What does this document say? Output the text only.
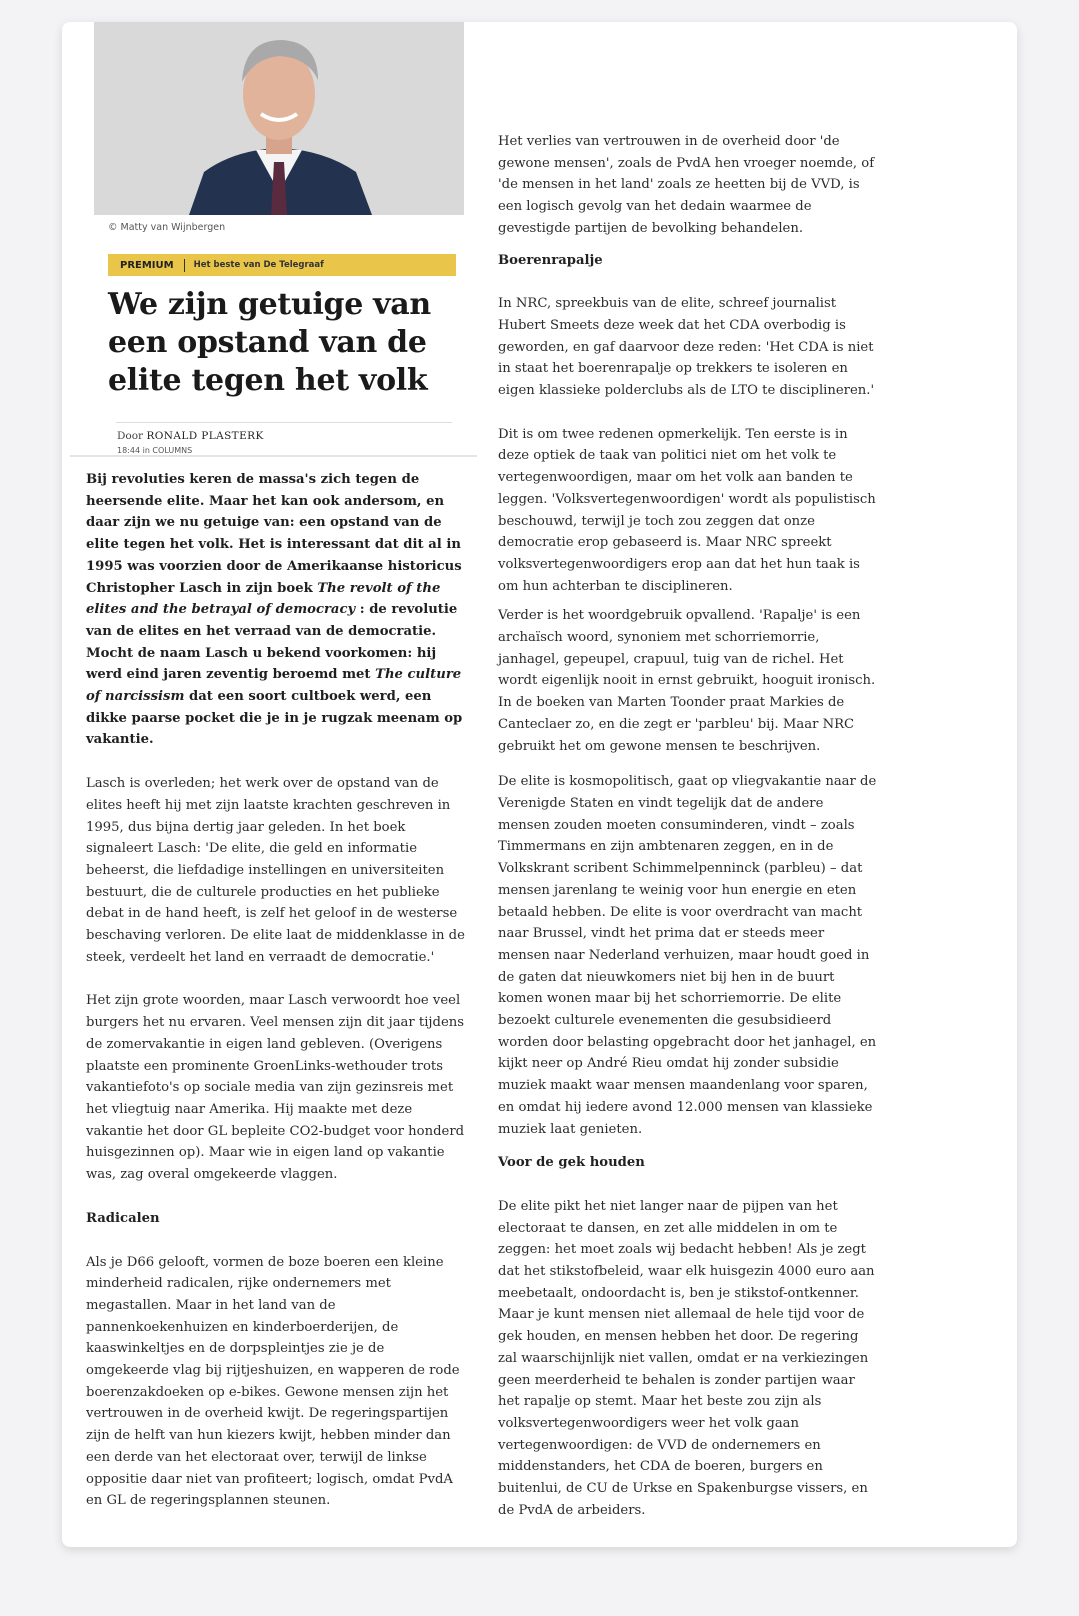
© Matty van Wijnbergen
PREMIUM	Het beste van De Telegraaf
We zijn getuige van een opstand van de elite tegen het volk
Door RONALD PLASTERK
18:44 in COLUMNS

Bij revoluties keren de massa's zich tegen de heersende elite. Maar het kan ook andersom, en daar zijn we nu getuige van: een opstand van de elite tegen het volk. Het is interessant dat dit al in 1995 was voorzien door de Amerikaanse historicus Christopher Lasch in zijn boek The revolt of the elites and the betrayal of democracy : de revolutie van de elites en het verraad van de democratie. Mocht de naam Lasch u bekend voorkomen: hij werd eind jaren zeventig beroemd met The culture of narcissism dat een soort cultboek werd, een dikke paarse pocket die je in je rugzak meenam op vakantie.

Lasch is overleden; het werk over de opstand van de elites heeft hij met zijn laatste krachten geschreven in 1995, dus bijna dertig jaar geleden. In het boek signaleert Lasch: 'De elite, die geld en informatie beheerst, die liefdadige instellingen en universiteiten bestuurt, die de culturele producties en het publieke debat in de hand heeft, is zelf het geloof in de westerse beschaving verloren. De elite laat de middenklasse in de steek, verdeelt het land en verraadt de democratie.'

Het zijn grote woorden, maar Lasch verwoordt hoe veel burgers het nu ervaren. Veel mensen zijn dit jaar tijdens de zomervakantie in eigen land gebleven. (Overigens plaatste een prominente GroenLinks-wethouder trots vakantiefoto's op sociale media van zijn gezinsreis met het vliegtuig naar Amerika. Hij maakte met deze vakantie het door GL bepleite CO2-budget voor honderd huisgezinnen op). Maar wie in eigen land op vakantie was, zag overal omgekeerde vlaggen.

Radicalen

Als je D66 gelooft, vormen de boze boeren een kleine minderheid radicalen, rijke ondernemers met megastallen. Maar in het land van de pannenkoekenhuizen en kinderboerderijen, de kaaswinkeltjes en de dorpspleintjes zie je de omgekeerde vlag bij rijtjeshuizen, en wapperen de rode boerenzakdoeken op e-bikes. Gewone mensen zijn het vertrouwen in de overheid kwijt. De regeringspartijen zijn de helft van hun kiezers kwijt, hebben minder dan een derde van het electoraat over, terwijl de linkse oppositie daar niet van profiteert; logisch, omdat PvdA en GL de regeringsplannen steunen.

Het verlies van vertrouwen in de overheid door 'de gewone mensen', zoals de PvdA hen vroeger noemde, of 'de mensen in het land' zoals ze heetten bij de VVD, is een logisch gevolg van het dedain waarmee de gevestigde partijen de bevolking behandelen.

Boerenrapalje

In NRC, spreekbuis van de elite, schreef journalist Hubert Smeets deze week dat het CDA overbodig is geworden, en gaf daarvoor deze reden: 'Het CDA is niet in staat het boerenrapalje op trekkers te isoleren en eigen klassieke polderclubs als de LTO te disciplineren.'

Dit is om twee redenen opmerkelijk. Ten eerste is in deze optiek de taak van politici niet om het volk te vertegenwoordigen, maar om het volk aan banden te leggen. 'Volksvertegenwoordigen' wordt als populistisch beschouwd, terwijl je toch zou zeggen dat onze democratie erop gebaseerd is. Maar NRC spreekt volksvertegenwoordigers erop aan dat het hun taak is om hun achterban te disciplineren.

Verder is het woordgebruik opvallend. 'Rapalje' is een archaïsch woord, synoniem met schorriemorrie, janhagel, gepeupel, crapuul, tuig van de richel. Het wordt eigenlijk nooit in ernst gebruikt, hooguit ironisch. In de boeken van Marten Toonder praat Markies de Canteclaer zo, en die zegt er 'parbleu' bij. Maar NRC gebruikt het om gewone mensen te beschrijven.

De elite is kosmopolitisch, gaat op vliegvakantie naar de Verenigde Staten en vindt tegelijk dat de andere mensen zouden moeten consuminderen, vindt – zoals Timmermans en zijn ambtenaren zeggen, en in de Volkskrant scribent Schimmelpenninck (parbleu) – dat mensen jarenlang te weinig voor hun energie en eten betaald hebben. De elite is voor overdracht van macht naar Brussel, vindt het prima dat er steeds meer mensen naar Nederland verhuizen, maar houdt goed in de gaten dat nieuwkomers niet bij hen in de buurt komen wonen maar bij het schorriemorrie. De elite bezoekt culturele evenementen die gesubsidieerd worden door belasting opgebracht door het janhagel, en kijkt neer op André Rieu omdat hij zonder subsidie muziek maakt waar mensen maandenlang voor sparen, en omdat hij iedere avond 12.000 mensen van klassieke muziek laat genieten.

Voor de gek houden

De elite pikt het niet langer naar de pijpen van het electoraat te dansen, en zet alle middelen in om te zeggen: het moet zoals wij bedacht hebben! Als je zegt dat het stikstofbeleid, waar elk huisgezin 4000 euro aan meebetaalt, ondoordacht is, ben je stikstof-ontkenner. Maar je kunt mensen niet allemaal de hele tijd voor de gek houden, en mensen hebben het door. De regering zal waarschijnlijk niet vallen, omdat er na verkiezingen geen meerderheid te behalen is zonder partijen waar het rapalje op stemt. Maar het beste zou zijn als volksvertegenwoordigers weer het volk gaan vertegenwoordigen: de VVD de ondernemers en middenstanders, het CDA de boeren, burgers en buitenlui, de CU de Urkse en Spakenburgse vissers, en de PvdA de arbeiders.
